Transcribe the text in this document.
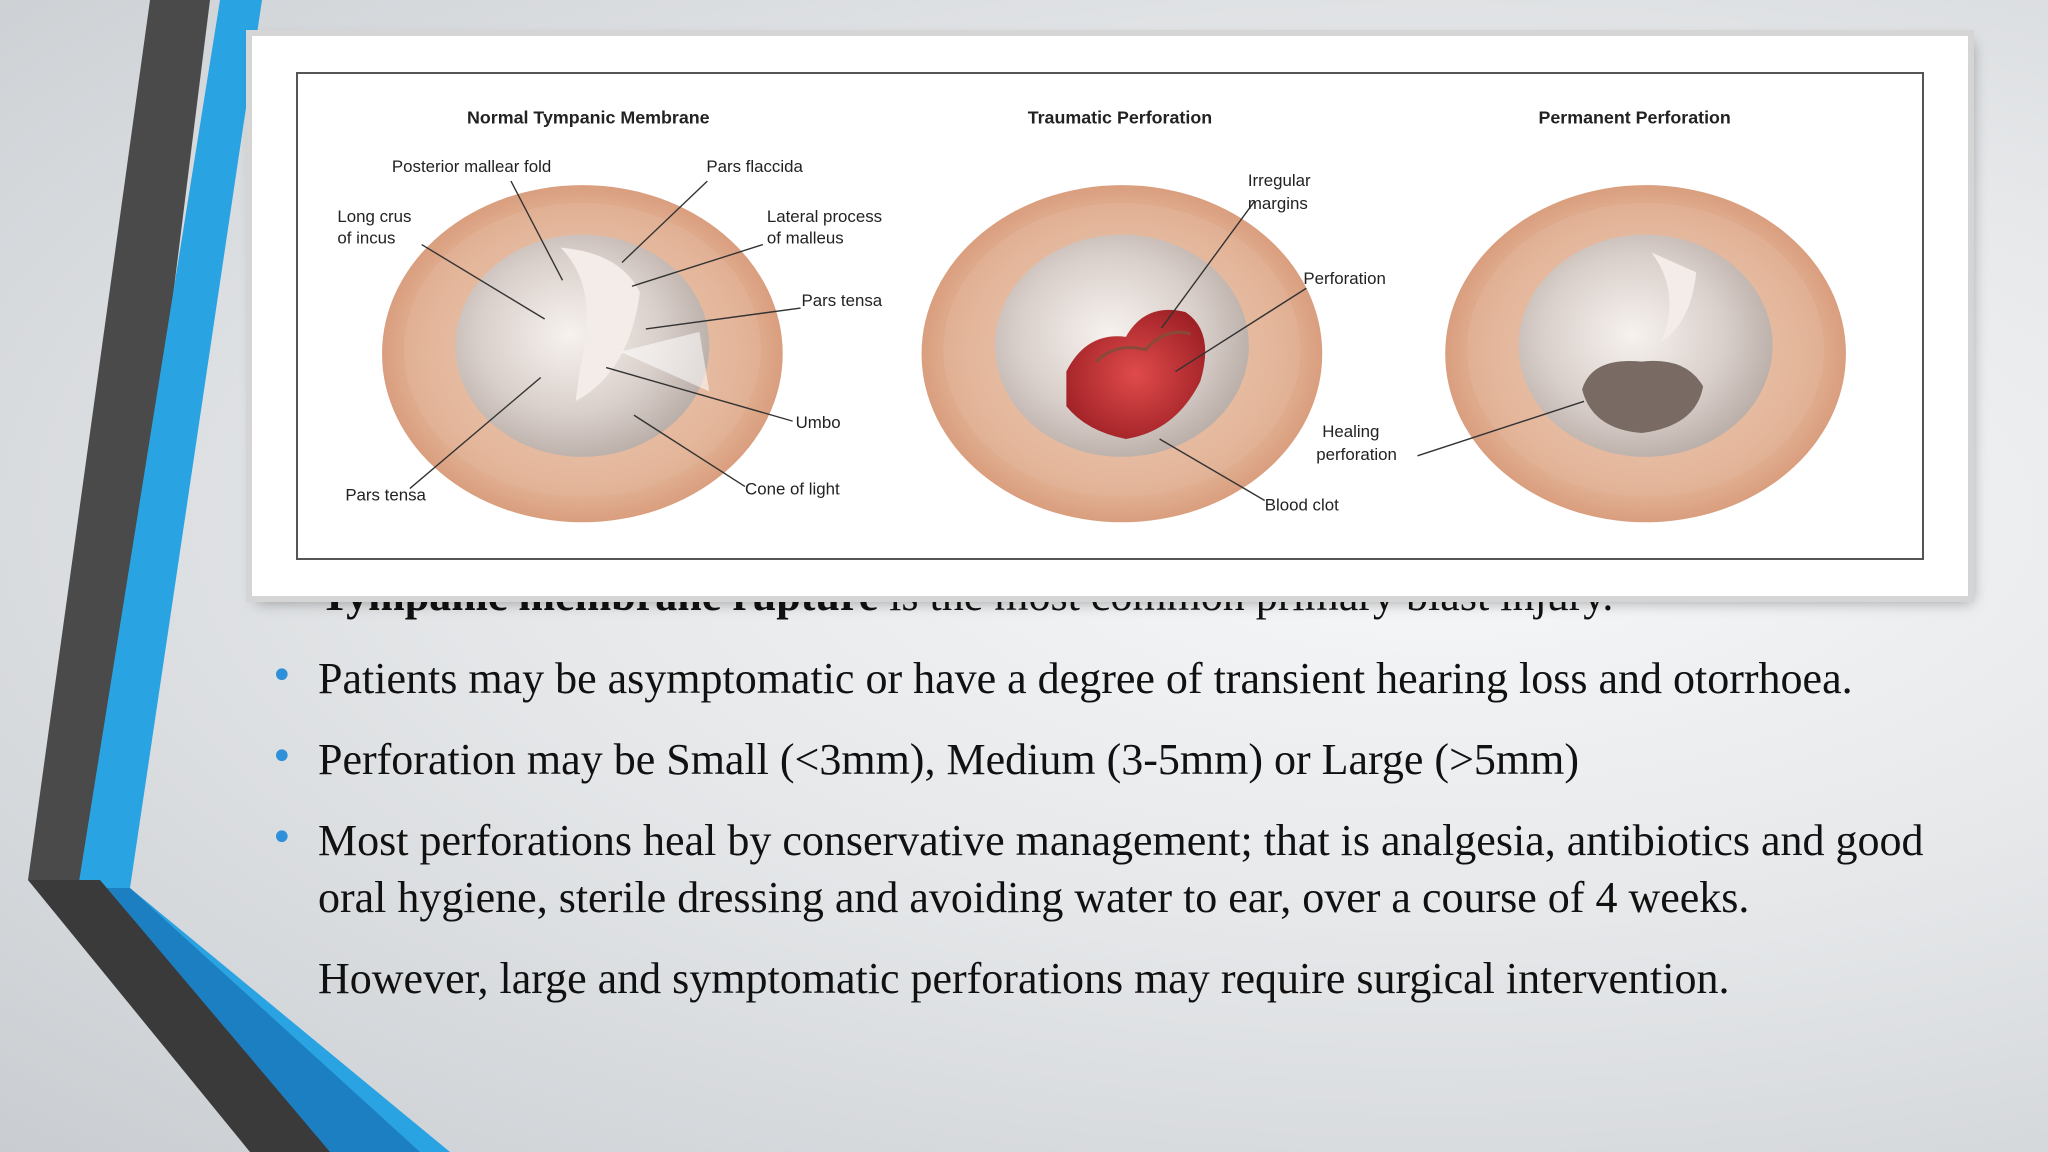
• Patients may be asymptomatic or have a degree of transient hearing loss and otorrhoea.
• Perforation may be Small (<3mm), Medium (3-5mm) or Large (>5mm)
• Most perforations heal by conservative management; that is analgesia, antibiotics and good oral hygiene, sterile dressing and avoiding water to ear, over a course of 4 weeks.
However, large and symptomatic perforations may require surgical intervention.
Normal Tympanic Membrane	Traumatic Perforation	Permanent Perforation
Posterior mallear fold	Pars flaccida
Long crus
of incus
Lateral process
of malleus
Pars tensa
Umbo
Pars tensa	Cone of light
Irregular
margins
Perforation
Blood clot
Healing
perforation
